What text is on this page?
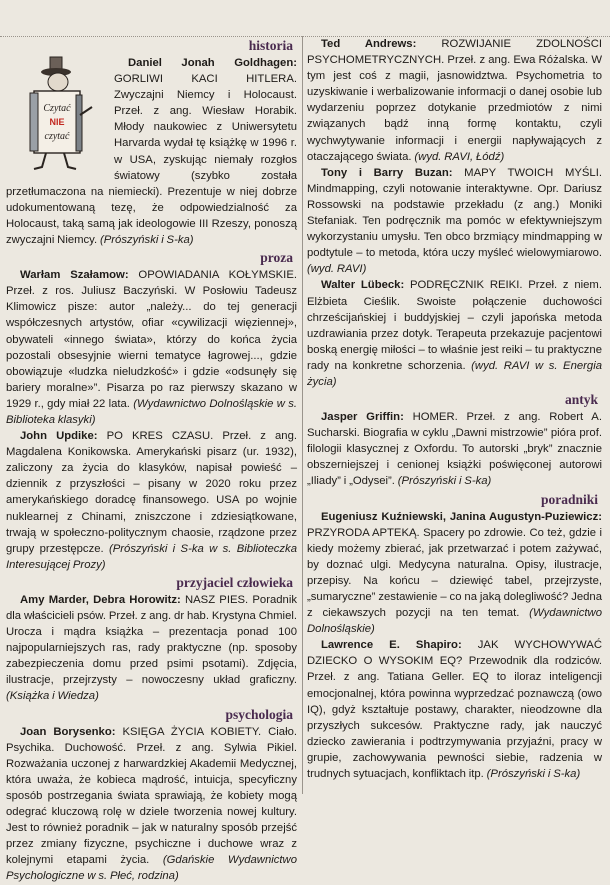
historia
Czytać
NIE
czytać

Daniel Jonah Goldhagen: GORLIWI KACI HITLERA. Zwyczajni Niemcy i Holocaust. Przeł. z ang. Wiesław Horabik. Młody naukowiec z Uniwersytetu Harvarda wydał tę książkę w 1996 r. w USA, zyskując niemały rozgłos światowy (szybko została przetłumaczona na niemiecki). Prezentuje w niej dobrze udokumentowaną tezę, że odpowiedzialność za Holocaust, taką samą jak ideologowie III Rzeszy, ponoszą zwyczajni Niemcy. (Prószyński i S-ka)

proza

Warłam Szałamow: OPOWIADANIA KOŁYMSKIE. Przeł. z ros. Juliusz Baczyński. W Posłowiu Tadeusz Klimowicz pisze: autor „należy... do tej generacji współczesnych artystów, ofiar «cywilizacji więziennej», obywateli «innego świata», którzy do końca życia pozostali obsesyjnie wierni tematyce łagrowej..., gdzie obowiązuje «ludzka nieludzkość» i gdzie «odsunęły się bariery moralne»”. Pisarza po raz pierwszy skazano w 1929 r., gdy miał 22 lata. (Wydawnictwo Dolnośląskie w s. Biblioteka klasyki)

John Updike: PO KRES CZASU. Przeł. z ang. Magdalena Konikowska. Amerykański pisarz (ur. 1932), zaliczony za życia do klasyków, napisał powieść – dziennik z przyszłości – pisany w 2020 roku przez amerykańskiego doradcę finansowego. USA po wojnie nuklearnej z Chinami, zniszczone i zdziesiątkowane, trwają w społeczno-politycznym chaosie, rządzone przez grupy przestępcze. (Prószyński i S-ka w s. Biblioteczka Interesującej Prozy)

przyjaciel człowieka

Amy Marder, Debra Horowitz: NASZ PIES. Poradnik dla właścicieli psów. Przeł. z ang. dr hab. Krystyna Chmiel. Urocza i mądra książka – prezentacja ponad 100 najpopularniejszych ras, rady praktyczne (np. sposoby zabezpieczenia domu przed psimi psotami). Zdjęcia, ilustracje, przejrzysty – nowoczesny układ graficzny. (Książka i Wiedza)

psychologia

Joan Borysenko: KSIĘGA ŻYCIA KOBIETY. Ciało. Psychika. Duchowość. Przeł. z ang. Sylwia Pikiel. Rozważania uczonej z harwardzkiej Akademii Medycznej, która uważa, że kobieca mądrość, intuicja, specyficzny sposób postrzegania świata sprawiają, że kobiety mogą odegrać kluczową rolę w dziele tworzenia nowej kultury. Jest to również poradnik – jak w naturalny sposób przejść przez zmiany fizyczne, psychiczne i duchowe wraz z kolejnymi etapami życia. (Gdańskie Wydawnictwo Psychologiczne w s. Płeć, rodzina)

Ted Andrews: ROZWIJANIE ZDOLNOŚCI PSYCHOMETRYCZNYCH. Przeł. z ang. Ewa Różalska. W tym jest coś z magii, jasnowidztwa. Psychometria to uzyskiwanie i werbalizowanie informacji o danej osobie lub wydarzeniu poprzez dotykanie przedmiotów z nimi związanych bądź inną formę kontaktu, czyli wychwytywanie informacji i energii napływających z otaczającego świata. (wyd. RAVI, Łódź)

Tony i Barry Buzan: MAPY TWOICH MYŚLI. Mindmapping, czyli notowanie interaktywne. Opr. Dariusz Rossowski na podstawie przekładu (z ang.) Moniki Stefaniak. Ten podręcznik ma pomóc w efektywniejszym wykorzystaniu umysłu. Ten obco brzmiący mindmapping w podtytule – to metoda, która uczy myśleć wielowymiarowo. (wyd. RAVI)

Walter Lübeck: PODRĘCZNIK REIKI. Przeł. z niem. Elżbieta Cieślik. Swoiste połączenie duchowości chrześcijańskiej i buddyjskiej – czyli japońska metoda uzdrawiania przez dotyk. Terapeuta przekazuje pacjentowi boską energię miłości – to właśnie jest reiki – tu praktyczne rady na konkretne schorzenia. (wyd. RAVI w s. Energia życia)

antyk

Jasper Griffin: HOMER. Przeł. z ang. Robert A. Sucharski. Biografia w cyklu „Dawni mistrzowie” pióra prof. filologii klasycznej z Oxfordu. To autorski „bryk” znacznie obszerniejszej i cenionej książki poświęconej autorowi „Iliady” i „Odysei”. (Prószyński i S-ka)

poradniki

Eugeniusz Kuźniewski, Janina Augustyn-Puziewicz: PRZYRODA APTEKĄ. Spacery po zdrowie. Co też, gdzie i kiedy możemy zbierać, jak przetwarzać i potem zażywać, by doznać ulgi. Medycyna naturalna. Opisy, ilustracje, przepisy. Na końcu – dziewięć tabel, przejrzyste, „sumaryczne” zestawienie – co na jaką dolegliwość? Jedna z ciekawszych pozycji na ten temat. (Wydawnictwo Dolnośląskie)

Lawrence E. Shapiro: JAK WYCHOWYWAĆ DZIECKO O WYSOKIM EQ? Przewodnik dla rodziców. Przeł. z ang. Tatiana Geller. EQ to iloraz inteligencji emocjonalnej, która powinna wyprzedzać poznawczą (owo IQ), gdyż kształtuje postawy, charakter, nieodzowne dla przyszłych sukcesów. Praktyczne rady, jak nauczyć dziecko zawierania i podtrzymywania przyjaźni, pracy w grupie, zachowywania pewności siebie, radzenia w trudnych sytuacjach, konfliktach itp. (Prószyński i S-ka)
